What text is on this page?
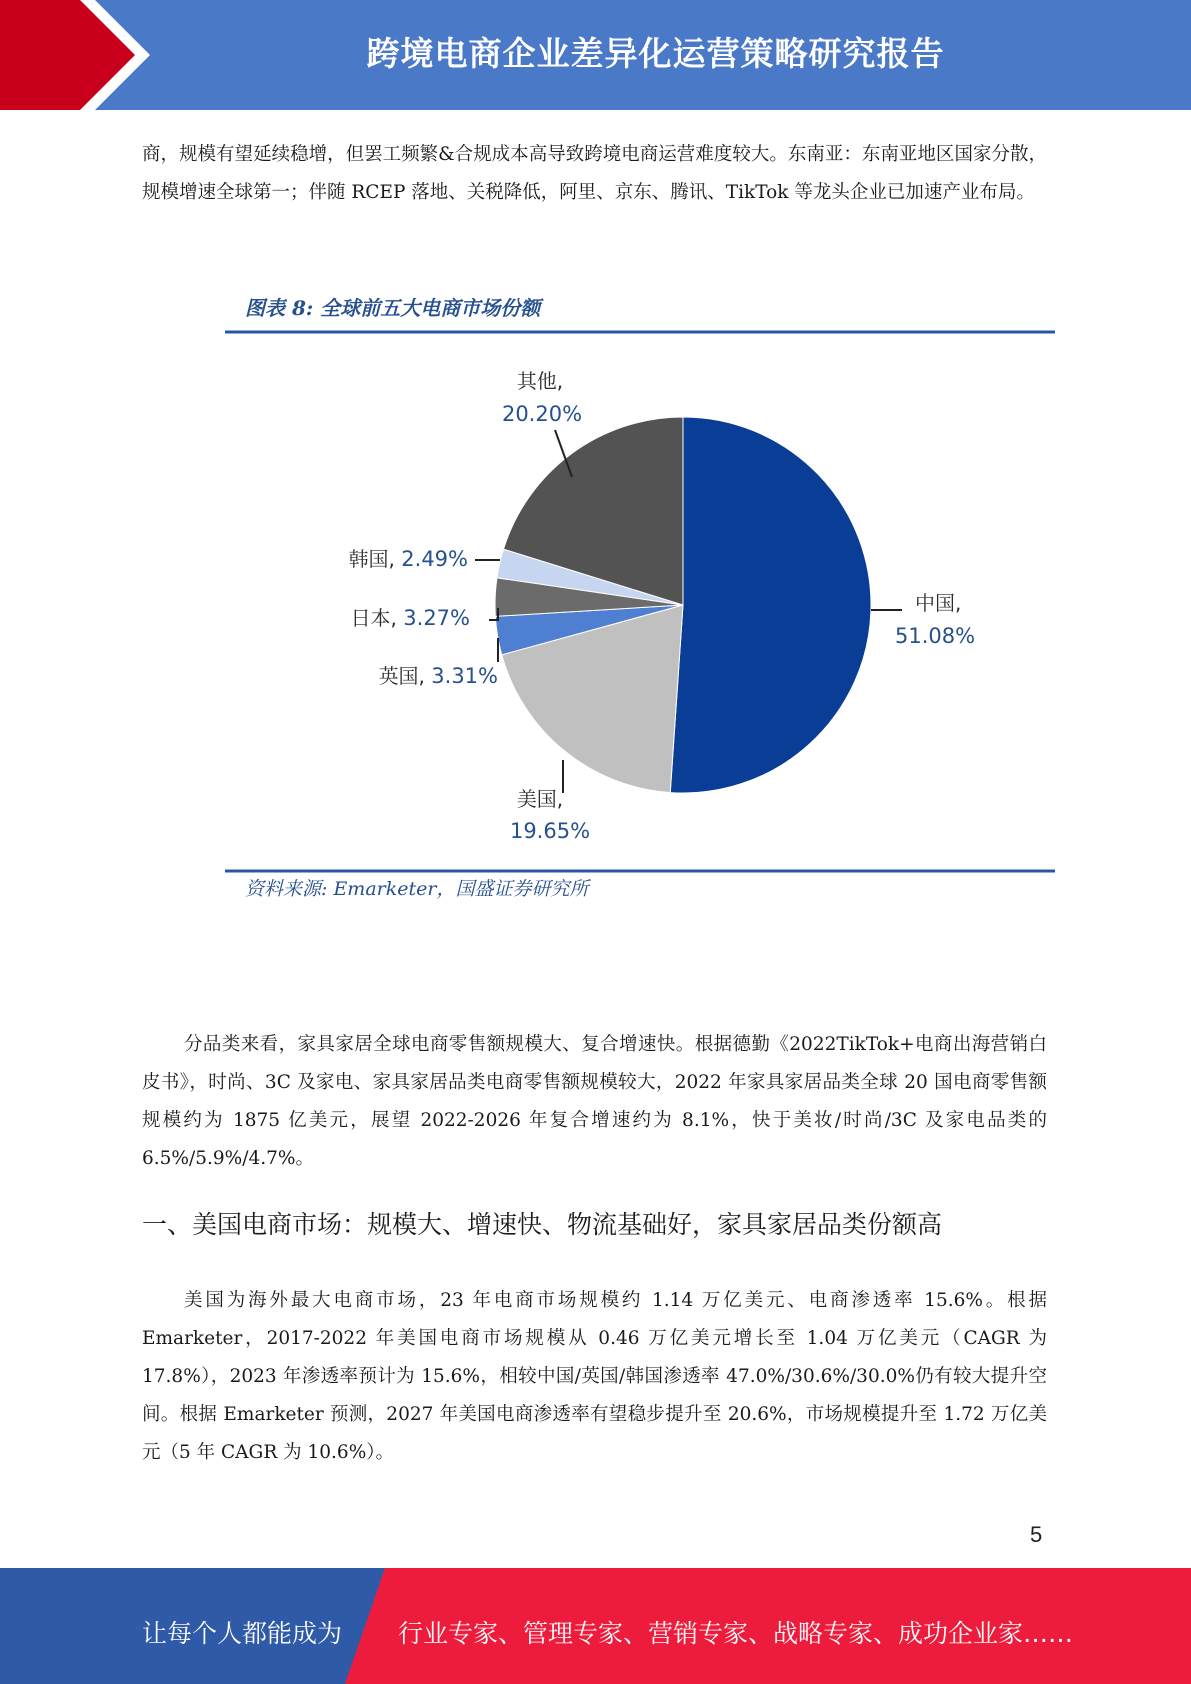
跨境电商企业差异化运营策略研究报告

商，规模有望延续稳增，但罢工频繁&合规成本高导致跨境电商运营难度较大。东南亚：东南亚地区国家分散，规模增速全球第一；伴随 RCEP 落地、关税降低，阿里、京东、腾讯、TikTok 等龙头企业已加速产业布局。

中国,
51.08%
美国,
19.65%
英国, 3.31%
日本, 3.27%
韩国, 2.49%
其他,
20.20%
图表 8: 全球前五大电商市场份额
资料来源: Emarketer，国盛证券研究所

分品类来看，家具家居全球电商零售额规模大、复合增速快。根据德勤《2022TikTok+电商出海营销白皮书》，时尚、3C 及家电、家具家居品类电商零售额规模较大，2022 年家具家居品类全球 20 国电商零售额规模约为 1875 亿美元，展望 2022-2026 年复合增速约为 8.1%，快于美妆/时尚/3C 及家电品类的 6.5%/5.9%/4.7%。

一、美国电商市场：规模大、增速快、物流基础好，家具家居品类份额高

美国为海外最大电商市场，23 年电商市场规模约 1.14 万亿美元、电商渗透率 15.6%。根据 Emarketer，2017-2022 年美国电商市场规模从 0.46 万亿美元增长至 1.04 万亿美元（CAGR 为 17.8%），2023 年渗透率预计为 15.6%，相较中国/英国/韩国渗透率 47.0%/30.6%/30.0%仍有较大提升空间。根据 Emarketer 预测，2027 年美国电商渗透率有望稳步提升至 20.6%，市场规模提升至 1.72 万亿美元（5 年 CAGR 为 10.6%）。

5
让每个人都能成为 行业专家、管理专家、营销专家、战略专家、成功企业家……
